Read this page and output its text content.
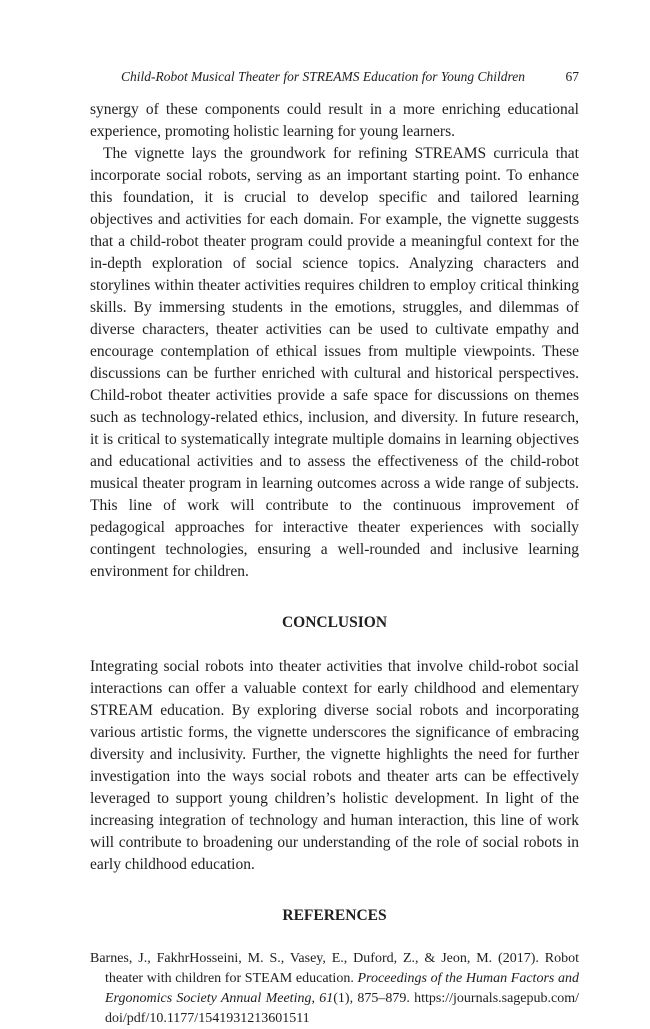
Child-Robot Musical Theater for STREAMS Education for Young Children	67

synergy of these components could result in a more enriching educational experience, promoting holistic learning for young learners.

The vignette lays the groundwork for refining STREAMS curricula that incorporate social robots, serving as an important starting point. To enhance this foundation, it is crucial to develop specific and tailored learning objectives and activities for each domain. For example, the vignette suggests that a child-robot theater program could provide a meaningful context for the in-depth exploration of social science topics. Analyzing characters and storylines within theater activities requires children to employ critical thinking skills. By immersing students in the emotions, struggles, and dilemmas of diverse characters, theater activities can be used to cultivate empathy and encourage contemplation of ethical issues from multiple viewpoints. These discussions can be further enriched with cultural and historical perspectives. Child-robot theater activities provide a safe space for discussions on themes such as technology-related ethics, inclusion, and diversity. In future research, it is critical to systematically integrate multiple domains in learning objectives and educational activities and to assess the effectiveness of the child-robot musical theater program in learning outcomes across a wide range of subjects. This line of work will contribute to the continuous improvement of pedagogical approaches for interactive theater experiences with socially contingent technologies, ensuring a well-rounded and inclusive learning environment for children.

CONCLUSION

Integrating social robots into theater activities that involve child-robot social interactions can offer a valuable context for early childhood and elementary STREAM education. By exploring diverse social robots and incorporating various artistic forms, the vignette underscores the significance of embracing diversity and inclusivity. Further, the vignette highlights the need for further investigation into the ways social robots and theater arts can be effectively leveraged to support young children’s holistic development. In light of the increasing integration of technology and human interaction, this line of work will contribute to broadening our understanding of the role of social robots in early childhood education.

REFERENCES

Barnes, J., FakhrHosseini, M. S., Vasey, E., Duford, Z., & Jeon, M. (2017). Robot theater with children for STEAM education. Proceedings of the Human Factors and Ergonomics Society Annual Meeting, 61(1), 875–879. https://journals.sagepub.com/doi/pdf/10.1177/1541931213601511
